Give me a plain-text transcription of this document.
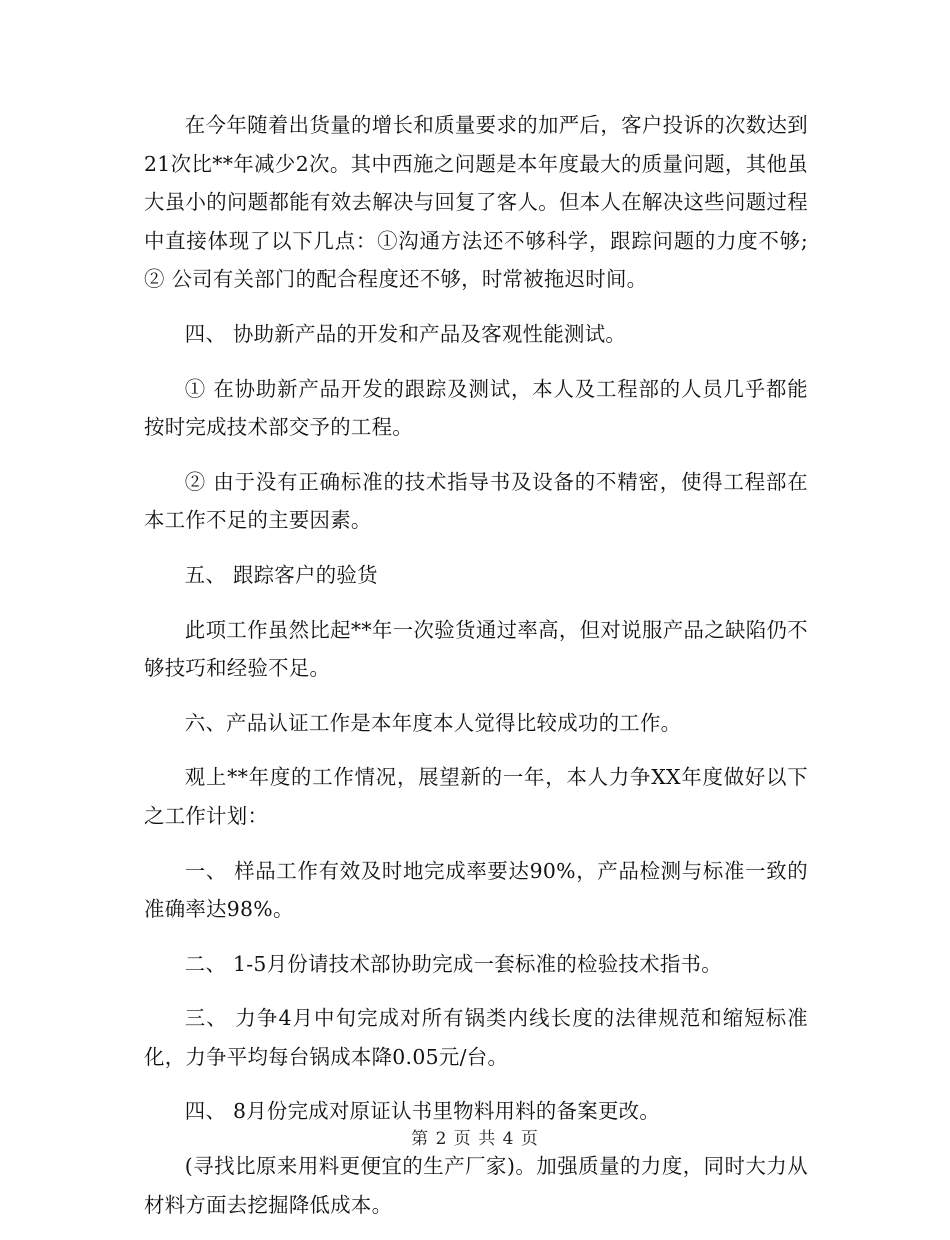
在今年随着出货量的增长和质量要求的加严后，客户投诉的次数达到21次比**年减少2次。其中西施之问题是本年度最大的质量问题，其他虽大虽小的问题都能有效去解决与回复了客人。但本人在解决这些问题过程中直接体现了以下几点：①沟通方法还不够科学，跟踪问题的力度不够;② 公司有关部门的配合程度还不够，时常被拖迟时间。

四、 协助新产品的开发和产品及客观性能测试。

① 在协助新产品开发的跟踪及测试，本人及工程部的人员几乎都能按时完成技术部交予的工程。

② 由于没有正确标准的技术指导书及设备的不精密，使得工程部在本工作不足的主要因素。

五、 跟踪客户的验货

此项工作虽然比起**年一次验货通过率高，但对说服产品之缺陷仍不够技巧和经验不足。

六、产品认证工作是本年度本人觉得比较成功的工作。

观上**年度的工作情况，展望新的一年，本人力争XX年度做好以下之工作计划：

一、 样品工作有效及时地完成率要达90%，产品检测与标准一致的准确率达98%。

二、 1-5月份请技术部协助完成一套标准的检验技术指书。

三、 力争4月中旬完成对所有锅类内线长度的法律规范和缩短标准化，力争平均每台锅成本降0.05元/台。

四、 8月份完成对原证认书里物料用料的备案更改。

(寻找比原来用料更便宜的生产厂家)。加强质量的力度，同时大力从材料方面去挖掘降低成本。

第 2 页 共 4 页
